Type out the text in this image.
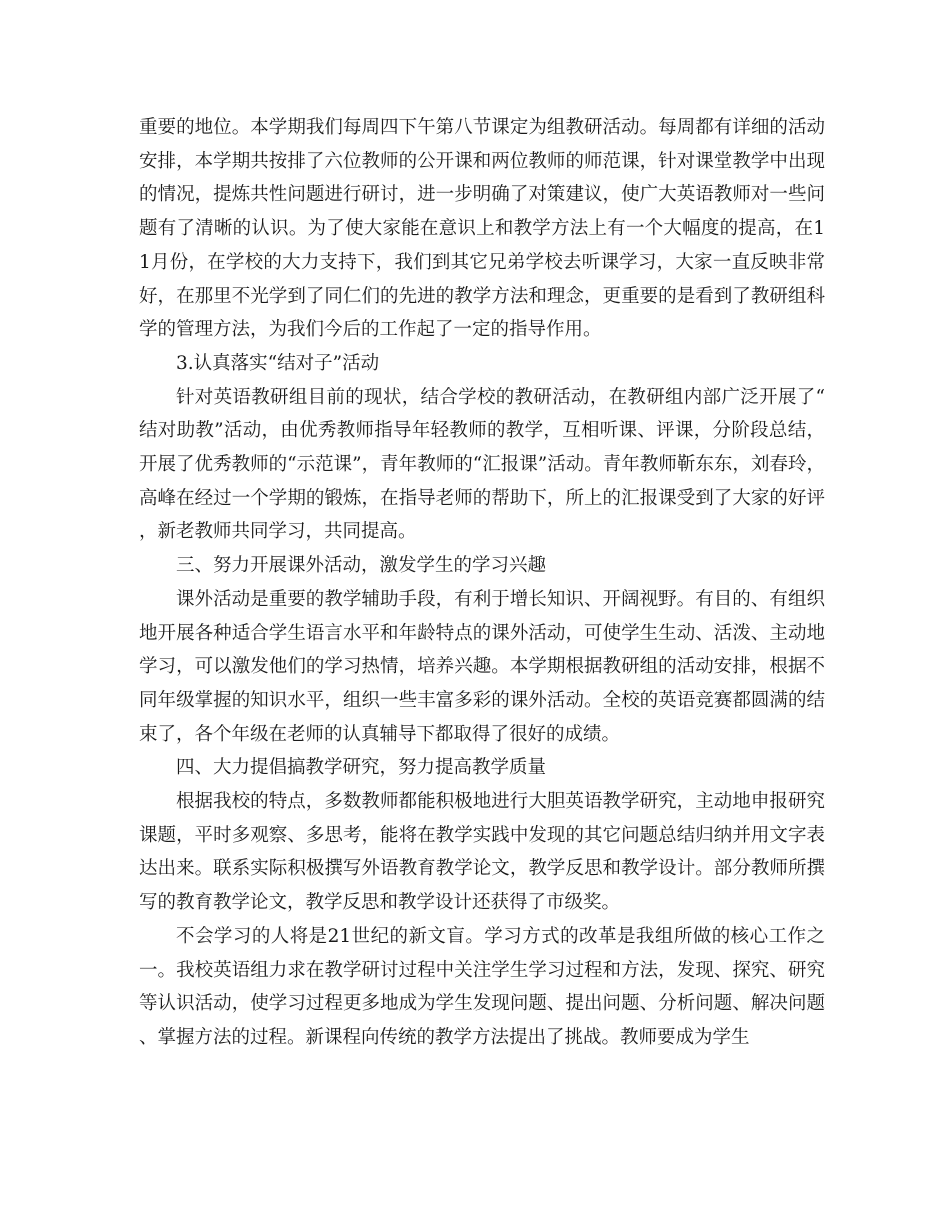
重要的地位。本学期我们每周四下午第八节课定为组教研活动。每周都有详细的活动安排，本学期共按排了六位教师的公开课和两位教师的师范课，针对课堂教学中出现的情况，提炼共性问题进行研讨，进一步明确了对策建议，使广大英语教师对一些问题有了清晰的认识。为了使大家能在意识上和教学方法上有一个大幅度的提高，在11月份，在学校的大力支持下，我们到其它兄弟学校去听课学习，大家一直反映非常好，在那里不光学到了同仁们的先进的教学方法和理念，更重要的是看到了教研组科学的管理方法，为我们今后的工作起了一定的指导作用。

3.认真落实“结对子”活动

针对英语教研组目前的现状，结合学校的教研活动，在教研组内部广泛开展了“结对助教”活动，由优秀教师指导年轻教师的教学，互相听课、评课，分阶段总结，开展了优秀教师的“示范课”，青年教师的“汇报课”活动。青年教师靳东东，刘春玲，高峰在经过一个学期的锻炼，在指导老师的帮助下，所上的汇报课受到了大家的好评，新老教师共同学习，共同提高。

三、努力开展课外活动，激发学生的学习兴趣

课外活动是重要的教学辅助手段，有利于增长知识、开阔视野。有目的、有组织地开展各种适合学生语言水平和年龄特点的课外活动，可使学生生动、活泼、主动地学习，可以激发他们的学习热情，培养兴趣。本学期根据教研组的活动安排，根据不同年级掌握的知识水平，组织一些丰富多彩的课外活动。全校的英语竞赛都圆满的结束了，各个年级在老师的认真辅导下都取得了很好的成绩。

四、大力提倡搞教学研究，努力提高教学质量

根据我校的特点，多数教师都能积极地进行大胆英语教学研究，主动地申报研究课题，平时多观察、多思考，能将在教学实践中发现的其它问题总结归纳并用文字表达出来。联系实际积极撰写外语教育教学论文，教学反思和教学设计。部分教师所撰写的教育教学论文，教学反思和教学设计还获得了市级奖。

不会学习的人将是21世纪的新文盲。学习方式的改革是我组所做的核心工作之一。我校英语组力求在教学研讨过程中关注学生学习过程和方法，发现、探究、研究等认识活动，使学习过程更多地成为学生发现问题、提出问题、分析问题、解决问题、掌握方法的过程。新课程向传统的教学方法提出了挑战。教师要成为学生
